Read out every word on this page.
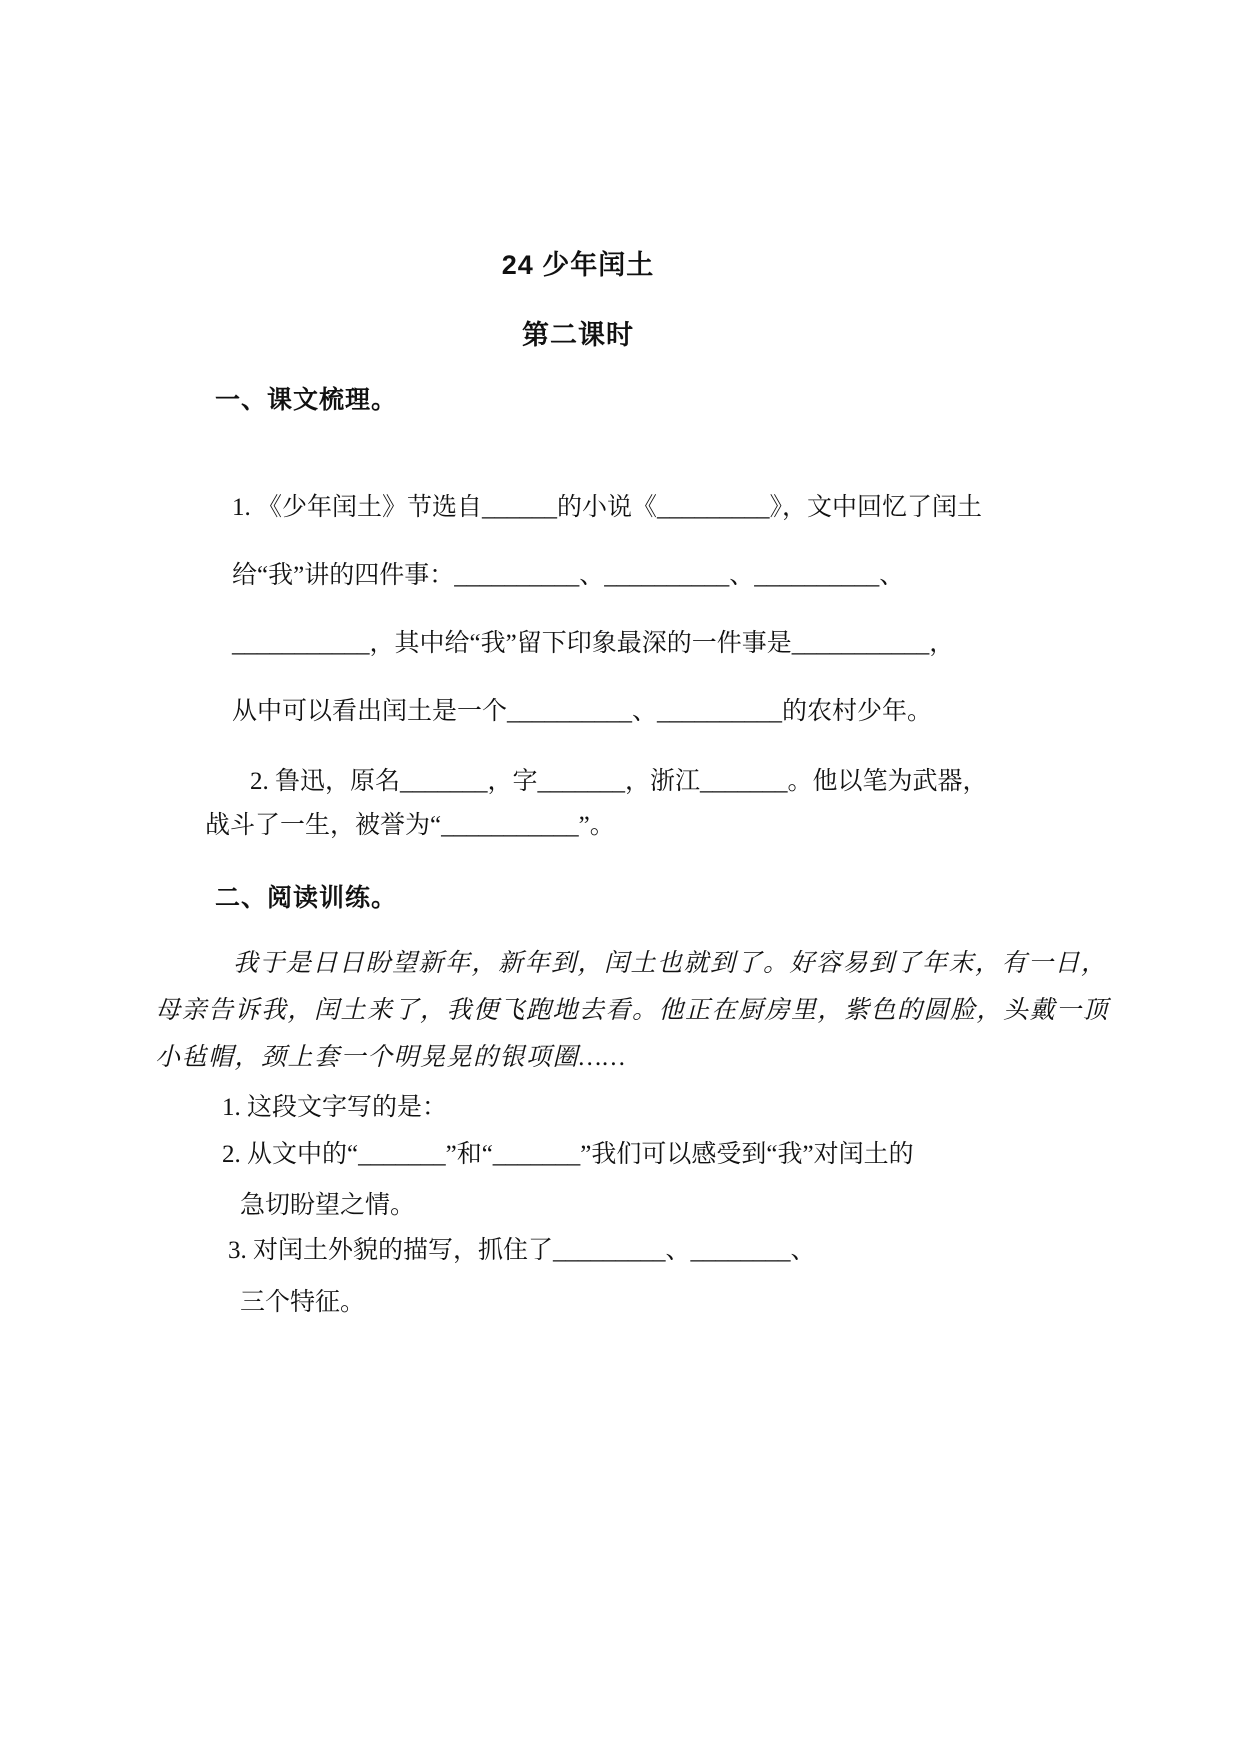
24 少年闰土
第二课时
一、课文梳理。
1. 《少年闰土》节选自______的小说《_________》，文中回忆了闰土
给“我”讲的四件事：__________、__________、__________、
___________，其中给“我”留下印象最深的一件事是___________，
从中可以看出闰土是一个__________、__________的农村少年。
2. 鲁迅，原名_______，字_______，浙江_______。他以笔为武器，
战斗了一生，被誉为“___________”。
二、阅读训练。
我于是日日盼望新年，新年到，闰土也就到了。好容易到了年末，有一日，
母亲告诉我，闰土来了，我便飞跑地去看。他正在厨房里，紫色的圆脸，头戴一顶
小毡帽，颈上套一个明晃晃的银项圈……
1. 这段文字写的是：
2. 从文中的“_______”和“_______”我们可以感受到“我”对闰土的
急切盼望之情。
3. 对闰土外貌的描写，抓住了_________、________、
三个特征。
